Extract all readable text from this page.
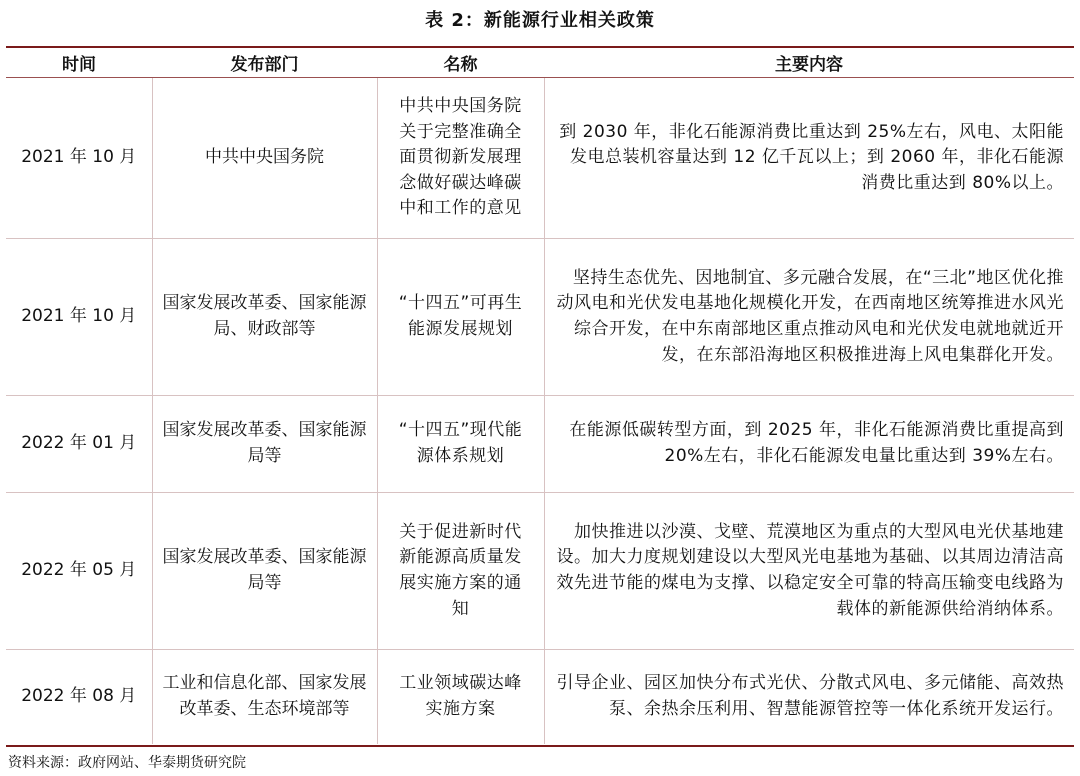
表 2：新能源行业相关政策
时间	发布部门	名称	主要内容
2021 年 10 月	中共中央国务院	中共中央国务院关于完整准确全面贯彻新发展理念做好碳达峰碳中和工作的意见	到 2030 年，非化石能源消费比重达到 25%左右，风电、太阳能发电总装机容量达到 12 亿千瓦以上；到 2060 年，非化石能源消费比重达到 80%以上。
2021 年 10 月	国家发展改革委、国家能源局、财政部等	“十四五”可再生能源发展规划	坚持生态优先、因地制宜、多元融合发展，在“三北”地区优化推动风电和光伏发电基地化规模化开发，在西南地区统筹推进水风光综合开发，在中东南部地区重点推动风电和光伏发电就地就近开发，在东部沿海地区积极推进海上风电集群化开发。
2022 年 01 月	国家发展改革委、国家能源局等	“十四五”现代能源体系规划	在能源低碳转型方面，到 2025 年，非化石能源消费比重提高到 20%左右，非化石能源发电量比重达到 39%左右。
2022 年 05 月	国家发展改革委、国家能源局等	关于促进新时代新能源高质量发展实施方案的通知	加快推进以沙漠、戈壁、荒漠地区为重点的大型风电光伏基地建设。加大力度规划建设以大型风光电基地为基础、以其周边清洁高效先进节能的煤电为支撑、以稳定安全可靠的特高压输变电线路为载体的新能源供给消纳体系。
2022 年 08 月	工业和信息化部、国家发展改革委、生态环境部等	工业领域碳达峰实施方案	引导企业、园区加快分布式光伏、分散式风电、多元储能、高效热泵、余热余压利用、智慧能源管控等一体化系统开发运行。
资料来源：政府网站、华泰期货研究院
